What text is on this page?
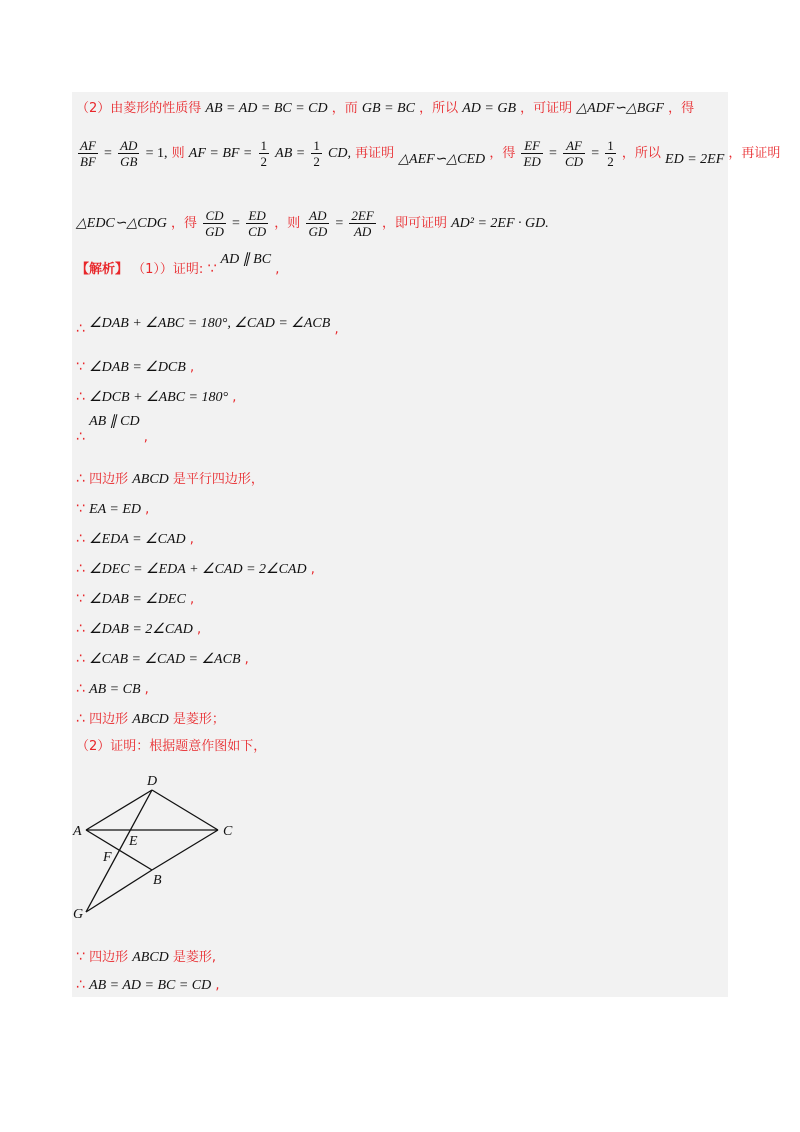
（2）由菱形的性质得 AB = AD = BC = CD ，而 GB = BC ，所以 AD = GB ，可证明 △ADF∽△BGF ，得
$\frac{AF}{BF} = \frac{AD}{GB} = 1$, 则 AF = BF = $\frac{1}{2}$ AB = $\frac{1}{2}$ CD, 再证明 △AEF∽△CED ，得 $\frac{EF}{ED} = \frac{AF}{CD} = \frac{1}{2}$ ，所以 ED = 2EF ，再证明
△EDC∽△CDG ，得 $\frac{CD}{GD} = \frac{ED}{CD}$ ，则 $\frac{AD}{GD} = \frac{2EF}{AD}$ ，即可证明 AD² = 2EF · GD.
【解析】 （1））证明: ∵ AD ∥ BC ,
∴ ∠DAB + ∠ABC = 180°, ∠CAD = ∠ACB ,
∵ ∠DAB = ∠DCB ,
∴ ∠DCB + ∠ABC = 180° ,
∴ AB ∥ CD ,
∴ 四边形 ABCD 是平行四边形，
∵ EA = ED ,
∴ ∠EDA = ∠CAD ,
∴ ∠DEC = ∠EDA + ∠CAD = 2∠CAD ,
∵ ∠DAB = ∠DEC ,
∴ ∠DAB = 2∠CAD ,
∴ ∠CAB = ∠CAD = ∠ACB ,
∴ AB = CB ,
∴ 四边形 ABCD 是菱形；
（2）证明：根据题意作图如下，
D
A	C
E
F
B
G
∵ 四边形 ABCD 是菱形,
∴ AB = AD = BC = CD ,
